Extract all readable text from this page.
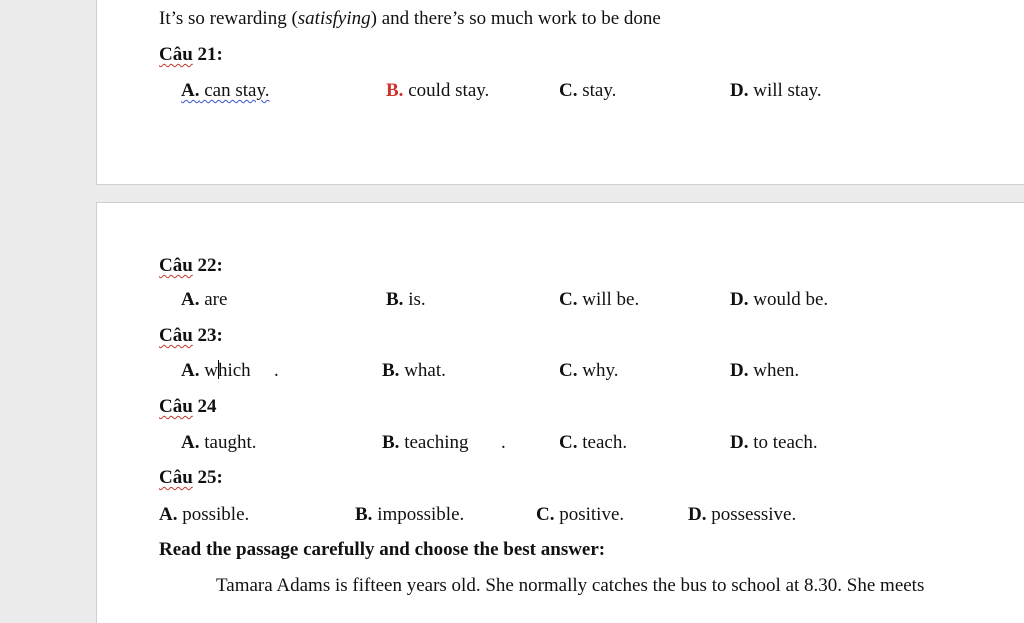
It’s so rewarding (satisfying) and there’s so much work to be done
Câu 21:
A. can stay.	B. could stay.	C. stay.	D. will stay.
Câu 22:
A. are	B. is.	C. will be.	D. would be.
Câu 23:
A. which .	B. what.	C. why.	D. when.
Câu 24
A. taught.	B. teaching .	C. teach.	D. to teach.
Câu 25:
A. possible.	B. impossible.	C. positive.	D. possessive.
Read the passage carefully and choose the best answer:
Tamara Adams is fifteen years old. She normally catches the bus to school at 8.30. She meets
